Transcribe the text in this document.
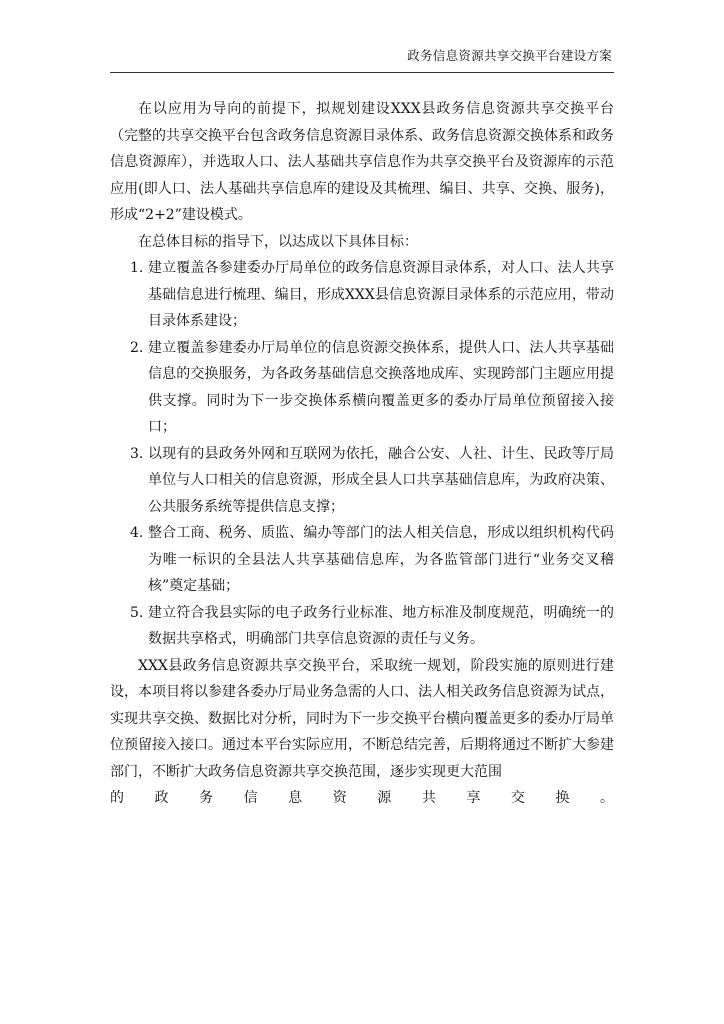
政务信息资源共享交换平台建设方案

在以应用为导向的前提下，拟规划建设XXX县政务信息资源共享交换平台（完整的共享交换平台包含政务信息资源目录体系、政务信息资源交换体系和政务信息资源库），并选取人口、法人基础共享信息作为共享交换平台及资源库的示范应用(即人口、法人基础共享信息库的建设及其梳理、编目、共享、交换、服务)，形成“2+2”建设模式。

在总体目标的指导下，以达成以下具体目标：

1. 建立覆盖各参建委办厅局单位的政务信息资源目录体系，对人口、法人共享基础信息进行梳理、编目，形成XXX县信息资源目录体系的示范应用，带动目录体系建设；
2. 建立覆盖参建委办厅局单位的信息资源交换体系，提供人口、法人共享基础信息的交换服务，为各政务基础信息交换落地成库、实现跨部门主题应用提供支撑。同时为下一步交换体系横向覆盖更多的委办厅局单位预留接入接口；
3. 以现有的县政务外网和互联网为依托，融合公安、人社、计生、民政等厅局单位与人口相关的信息资源，形成全县人口共享基础信息库，为政府决策、公共服务系统等提供信息支撑；
4. 整合工商、税务、质监、编办等部门的法人相关信息，形成以组织机构代码为唯一标识的全县法人共享基础信息库，为各监管部门进行“业务交叉稽核”奠定基础；
5. 建立符合我县实际的电子政务行业标准、地方标准及制度规范，明确统一的数据共享格式，明确部门共享信息资源的责任与义务。

XXX县政务信息资源共享交换平台，采取统一规划，阶段实施的原则进行建设，本项目将以参建各委办厅局业务急需的人口、法人相关政务信息资源为试点，实现共享交换、数据比对分析，同时为下一步交换平台横向覆盖更多的委办厅局单位预留接入接口。通过本平台实际应用，不断总结完善，后期将通过不断扩大参建部门，不断扩大政务信息资源共享交换范围，逐步实现更大范围

的政务信息资源共享交换。
